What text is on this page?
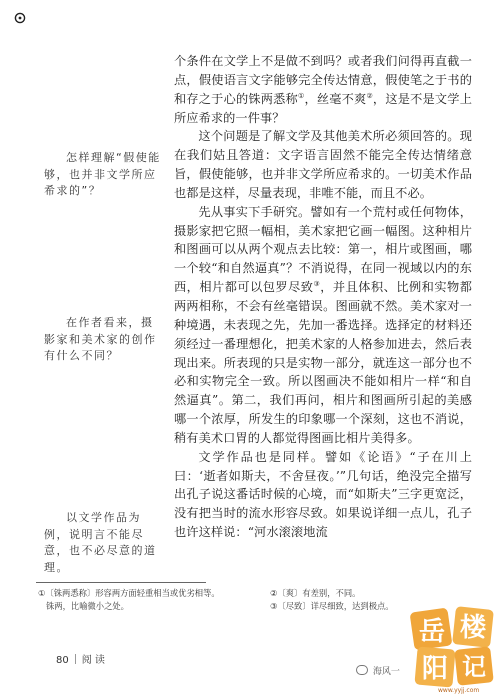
个条件在文学上不是做不到吗？或者我们问得再直截一点，假使语言文字能够完全传达情意，假使笔之于书的和存之于心的铢两悉称①，丝毫不爽②，这是不是文学上所应希求的一件事？

这个问题是了解文学及其他美术所必须回答的。现在我们姑且答道：文字语言固然不能完全传达情绪意旨，假使能够，也并非文学所应希求的。一切美术作品也都是这样，尽量表现，非唯不能，而且不必。

先从事实下手研究。譬如有一个荒村或任何物体，摄影家把它照一幅相，美术家把它画一幅图。这种相片和图画可以从两个观点去比较：第一，相片或图画，哪一个较“和自然逼真”？不消说得，在同一视域以内的东西，相片都可以包罗尽致③，并且体积、比例和实物都两两相称，不会有丝毫错误。图画就不然。美术家对一种境遇，未表现之先，先加一番选择。选择定的材料还须经过一番理想化，把美术家的人格参加进去，然后表现出来。所表现的只是实物一部分，就连这一部分也不必和实物完全一致。所以图画决不能如相片一样“和自然逼真”。第二，我们再问，相片和图画所引起的美感哪一个浓厚，所发生的印象哪一个深刻，这也不消说，稍有美术口胃的人都觉得图画比相片美得多。

文学作品也是同样。譬如《论语》“子在川上曰：‘逝者如斯夫，不舍昼夜。’”几句话，绝没完全描写出孔子说这番话时候的心境，而“如斯夫”三字更宽泛，没有把当时的流水形容尽致。如果说详细一点儿，孔子也许这样说：“河水滚滚地流

怎样理解“假使能够，也并非文学所应希求的”？

在作者看来，摄影家和美术家的创作有什么不同？

以文学作品为例，说明言不能尽意，也不必尽意的道理。

①〔铢两悉称〕形容两方面轻重相当或优劣相等。
铢两，比喻微小之处。
②〔爽〕有差别，不同。
③〔尽致〕详尽细致，达到极点。
80 阅 读
海风一
岳 楼
阳 记
www.yyjj.com
